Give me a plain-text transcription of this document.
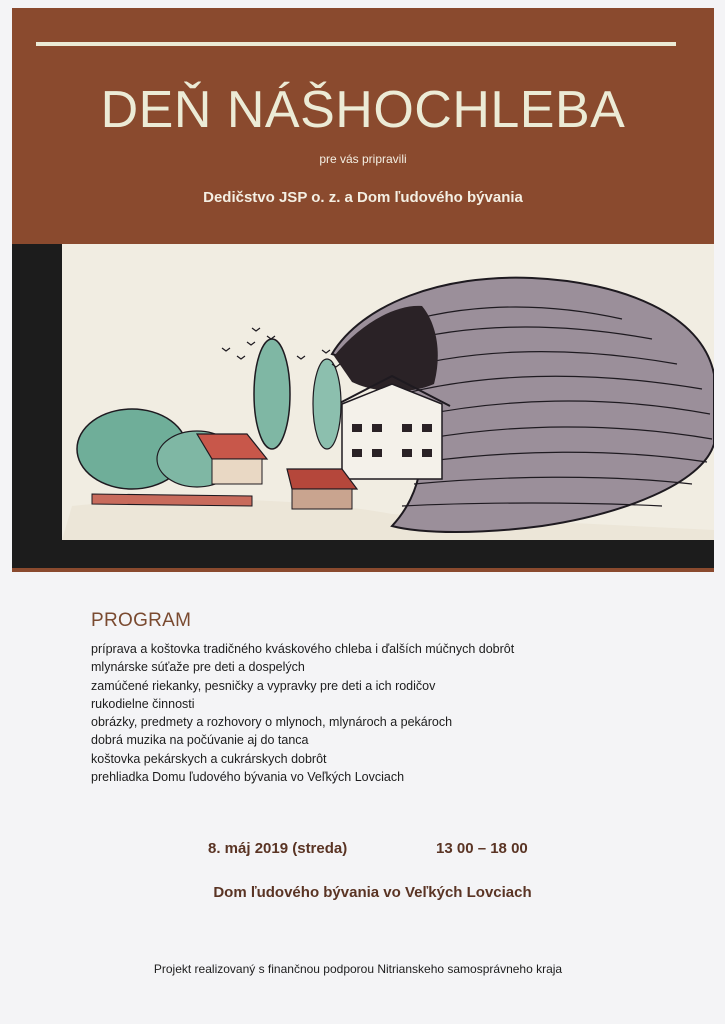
DEŇ NÁŠHOCHLEBA
pre vás pripravili
Dedičstvo JSP o. z. a Dom ľudového bývania
PROGRAM
príprava a koštovka tradičného kváskového chleba i ďalších múčnych dobrôt
mlynárske súťaže pre deti a dospelých
zamúčené riekanky, pesničky a vypravky pre deti a ich rodičov
rukodielne činnosti
obrázky, predmety a rozhovory o mlynoch, mlynároch a pekároch
dobrá muzika na počúvanie aj do tanca
koštovka pekárskych a cukrárskych dobrôt
prehliadka Domu ľudového bývania vo Veľkých Lovciach
8. máj 2019 (streda)	13 00 – 18 00
Dom ľudového bývania vo Veľkých Lovciach
Projekt realizovaný s finančnou podporou Nitrianskeho samosprávneho kraja
